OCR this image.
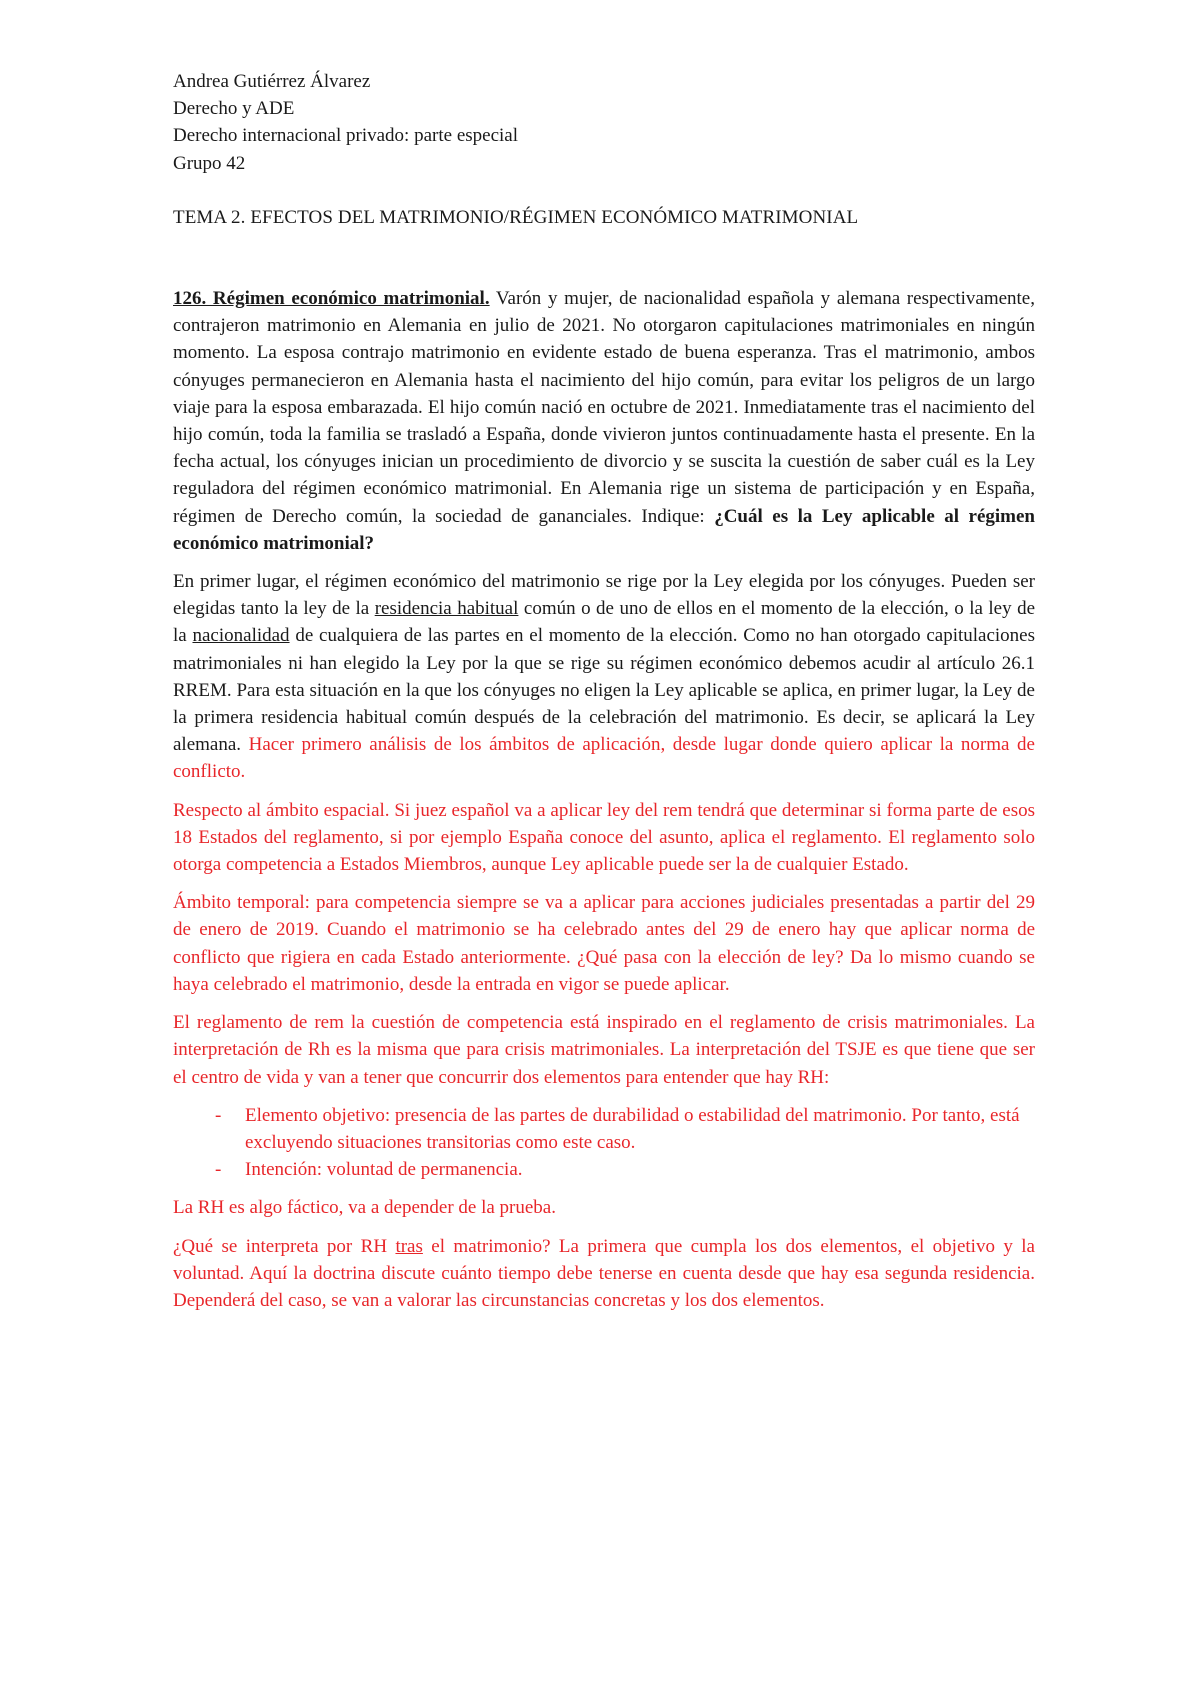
Andrea Gutiérrez Álvarez

Derecho y ADE

Derecho internacional privado: parte especial

Grupo 42

TEMA 2. EFECTOS DEL MATRIMONIO/RÉGIMEN ECONÓMICO MATRIMONIAL

126. Régimen económico matrimonial. Varón y mujer, de nacionalidad española y alemana respectivamente, contrajeron matrimonio en Alemania en julio de 2021. No otorgaron capitulaciones matrimoniales en ningún momento. La esposa contrajo matrimonio en evidente estado de buena esperanza. Tras el matrimonio, ambos cónyuges permanecieron en Alemania hasta el nacimiento del hijo común, para evitar los peligros de un largo viaje para la esposa embarazada. El hijo común nació en octubre de 2021. Inmediatamente tras el nacimiento del hijo común, toda la familia se trasladó a España, donde vivieron juntos continuadamente hasta el presente. En la fecha actual, los cónyuges inician un procedimiento de divorcio y se suscita la cuestión de saber cuál es la Ley reguladora del régimen económico matrimonial. En Alemania rige un sistema de participación y en España, régimen de Derecho común, la sociedad de gananciales. Indique: ¿Cuál es la Ley aplicable al régimen económico matrimonial?

En primer lugar, el régimen económico del matrimonio se rige por la Ley elegida por los cónyuges. Pueden ser elegidas tanto la ley de la residencia habitual común o de uno de ellos en el momento de la elección, o la ley de la nacionalidad de cualquiera de las partes en el momento de la elección. Como no han otorgado capitulaciones matrimoniales ni han elegido la Ley por la que se rige su régimen económico debemos acudir al artículo 26.1 RREM. Para esta situación en la que los cónyuges no eligen la Ley aplicable se aplica, en primer lugar, la Ley de la primera residencia habitual común después de la celebración del matrimonio. Es decir, se aplicará la Ley alemana. Hacer primero análisis de los ámbitos de aplicación, desde lugar donde quiero aplicar la norma de conflicto.

Respecto al ámbito espacial. Si juez español va a aplicar ley del rem tendrá que determinar si forma parte de esos 18 Estados del reglamento, si por ejemplo España conoce del asunto, aplica el reglamento. El reglamento solo otorga competencia a Estados Miembros, aunque Ley aplicable puede ser la de cualquier Estado.

Ámbito temporal: para competencia siempre se va a aplicar para acciones judiciales presentadas a partir del 29 de enero de 2019. Cuando el matrimonio se ha celebrado antes del 29 de enero hay que aplicar norma de conflicto que rigiera en cada Estado anteriormente. ¿Qué pasa con la elección de ley? Da lo mismo cuando se haya celebrado el matrimonio, desde la entrada en vigor se puede aplicar.

El reglamento de rem la cuestión de competencia está inspirado en el reglamento de crisis matrimoniales. La interpretación de Rh es la misma que para crisis matrimoniales. La interpretación del TSJE es que tiene que ser el centro de vida y van a tener que concurrir dos elementos para entender que hay RH:

- Elemento objetivo: presencia de las partes de durabilidad o estabilidad del matrimonio. Por tanto, está excluyendo situaciones transitorias como este caso.
- Intención: voluntad de permanencia.

La RH es algo fáctico, va a depender de la prueba.

¿Qué se interpreta por RH tras el matrimonio? La primera que cumpla los dos elementos, el objetivo y la voluntad. Aquí la doctrina discute cuánto tiempo debe tenerse en cuenta desde que hay esa segunda residencia. Dependerá del caso, se van a valorar las circunstancias concretas y los dos elementos.
